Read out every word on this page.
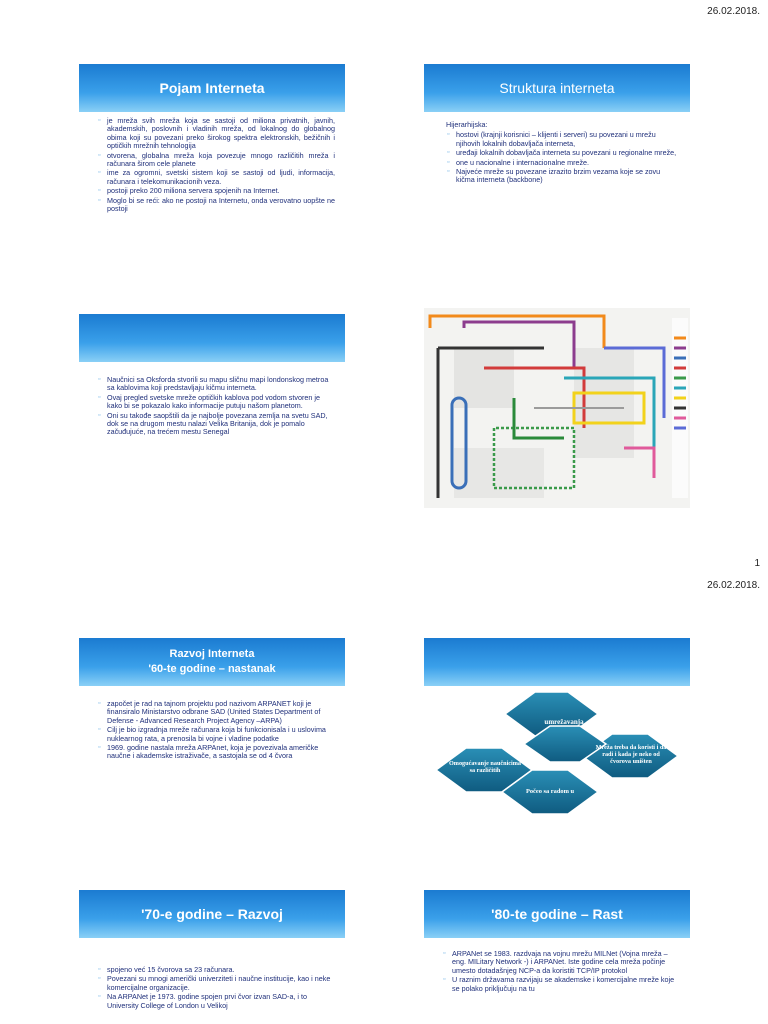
26.02.2018.
Pojam Interneta
▫ je mreža svih mreža koja se sastoji od miliona privatnih, javnih, akademskih, poslovnih i vladinih mreža, od lokalnog do globalnog obima koji su povezani preko širokog spektra elektronskih, bežičnih i optičkih mrežnih tehnologija
▫ otvorena, globalna mreža koja povezuje mnogo različitih mreža i računara širom cele planete
▫ ime za ogromni, svetski sistem koji se sastoji od ljudi, informacija, računara i telekomunikacionih veza.
▫ postoji preko 200 miliona servera spojenih na Internet.
▫ Moglo bi se reći: ako ne postoji na Internetu, onda verovatno uopšte ne postoji
Struktura interneta
Hijerarhijska:
▫ hostovi (krajnji korisnici – klijenti i serveri) su povezani u mrežu njihovih lokalnih dobavljača interneta,
▫ uređaji lokalnih dobavljača interneta su povezani u regionalne mreže,
▫ one u nacionalne i internacionalne mreže.
▫ Najveće mreže su povezane izrazito brzim vezama koje se zovu kičma interneta (backbone)
▫ Naučnici sa Oksforda stvorili su mapu sličnu mapi londonskog metroa sa kablovima koji predstavljaju kičmu interneta.
▫ Ovaj pregled svetske mreže optičkih kablova pod vodom stvoren je kako bi se pokazalo kako informacije putuju našom planetom.
▫ Oni su takođe saopštili da je najbolje povezana zemlja na svetu SAD, dok se na drugom mestu nalazi Velika Britanija, dok je pomalo začuđujuće, na trećem mestu Senegal
1
26.02.2018.
Razvoj Interneta
'60-te godine – nastanak
▫ započet je rad na tajnom projektu pod nazivom ARPANET koji je finansiralo Ministarstvo odbrane SAD (United States Department of Defense - Advanced Research Project Agency –ARPA)
▫ Cilj je bio izgradnja mreže računara koja bi funkcionisala i u uslovima nuklearnog rata, a prenosila bi vojne i vladine podatke
▫ 1969. godine nastala mreža ARPAnet, koja je povezivala američke naučne i akademske istraživače, a sastojala se od 4 čvora
umrežavanja
Omogućavanje naučnicima sa različitih
Mreža treba da koristi i da radi i kada je neko od čvorova uništen
Počeo sa radom u
'70-e godine – Razvoj
▫ spojeno već 15 čvorova sa 23 računara.
▫ Povezani su mnogi američki univerziteti i naučne institucije, kao i neke komercijalne organizacije.
▫ Na ARPANet je 1973. godine spojen prvi čvor izvan SAD-a, i to University College of London u Velikoj
'80-te godine – Rast
▫ ARPANet se 1983. razdvaja na vojnu mrežu MILNet (Vojna mreža – eng. MILitary Network -) i ARPANet. Iste godine cela mreža počinje umesto dotadašnjeg NCP-a da koristiti TCP/IP protokol
▫ U raznim državama razvijaju se akademske i komercijalne mreže koje se polako priključuju na tu
